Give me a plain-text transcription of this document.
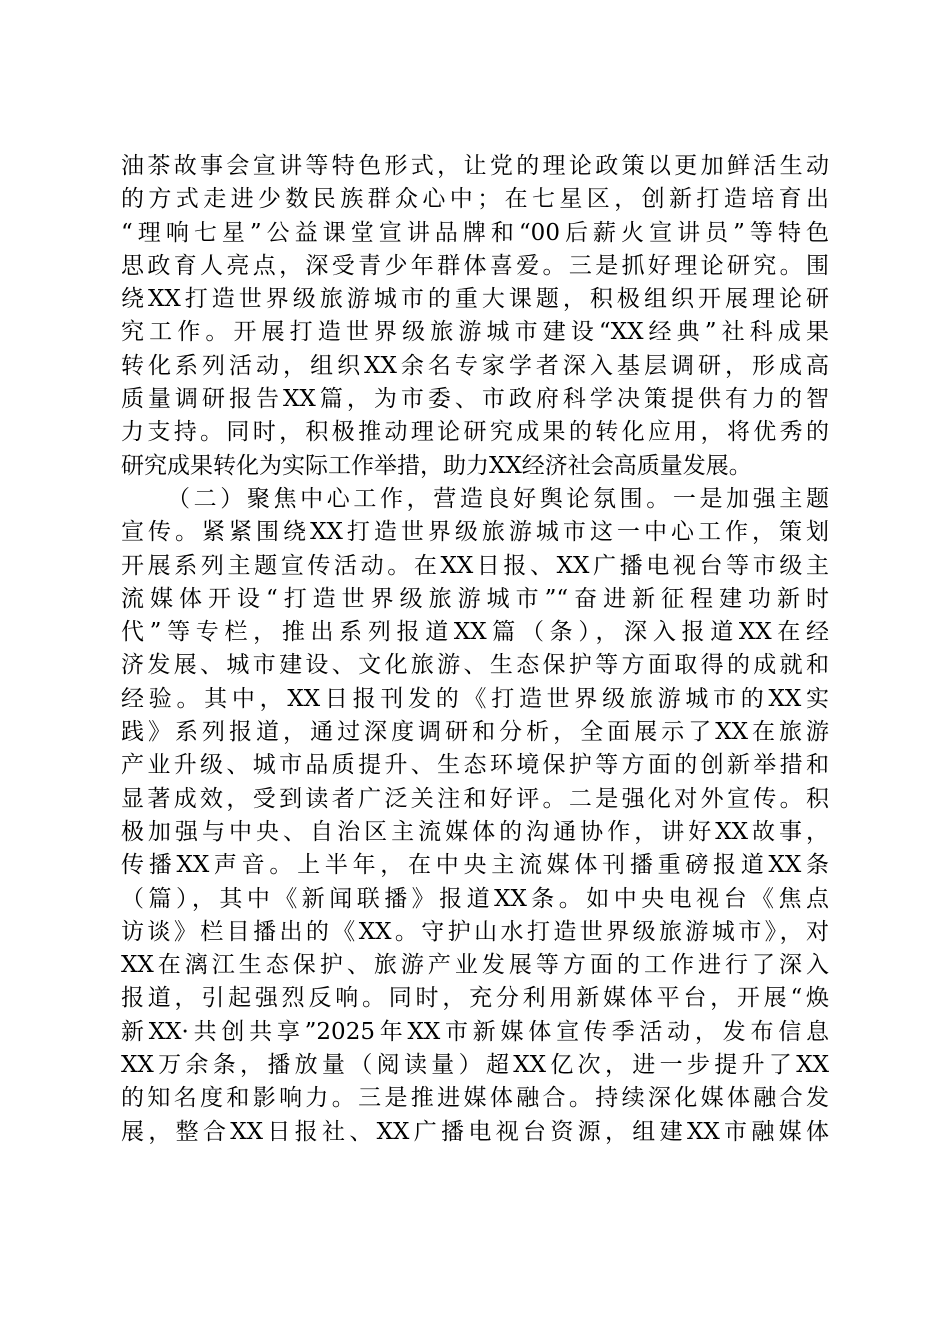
油茶故事会宣讲等特色形式，让党的理论政策以更加鲜活生动
的方式走进少数民族群众心中；在七星区，创新打造培育出
“理响七星”公益课堂宣讲品牌和“00后薪火宣讲员”等特色
思政育人亮点，深受青少年群体喜爱。三是抓好理论研究。围
绕XX打造世界级旅游城市的重大课题，积极组织开展理论研
究工作。开展打造世界级旅游城市建设“XX经典”社科成果
转化系列活动，组织XX余名专家学者深入基层调研，形成高
质量调研报告XX篇，为市委、市政府科学决策提供有力的智
力支持。同时，积极推动理论研究成果的转化应用，将优秀的
研究成果转化为实际工作举措，助力XX经济社会高质量发展。
（二）聚焦中心工作，营造良好舆论氛围。一是加强主题
宣传。紧紧围绕XX打造世界级旅游城市这一中心工作，策划
开展系列主题宣传活动。在XX日报、XX广播电视台等市级主
流媒体开设“打造世界级旅游城市”“奋进新征程建功新时
代”等专栏，推出系列报道XX篇（条），深入报道XX在经
济发展、城市建设、文化旅游、生态保护等方面取得的成就和
经验。其中，XX日报刊发的《打造世界级旅游城市的XX实
践》系列报道，通过深度调研和分析，全面展示了XX在旅游
产业升级、城市品质提升、生态环境保护等方面的创新举措和
显著成效，受到读者广泛关注和好评。二是强化对外宣传。积
极加强与中央、自治区主流媒体的沟通协作，讲好XX故事，
传播XX声音。上半年，在中央主流媒体刊播重磅报道XX条
（篇），其中《新闻联播》报道XX条。如中央电视台《焦点
访谈》栏目播出的《XX。守护山水打造世界级旅游城市》，对
XX在漓江生态保护、旅游产业发展等方面的工作进行了深入
报道，引起强烈反响。同时，充分利用新媒体平台，开展“焕
新XX·共创共享”2025年XX市新媒体宣传季活动，发布信息
XX万余条，播放量（阅读量）超XX亿次，进一步提升了XX
的知名度和影响力。三是推进媒体融合。持续深化媒体融合发
展，整合XX日报社、XX广播电视台资源，组建XX市融媒体
